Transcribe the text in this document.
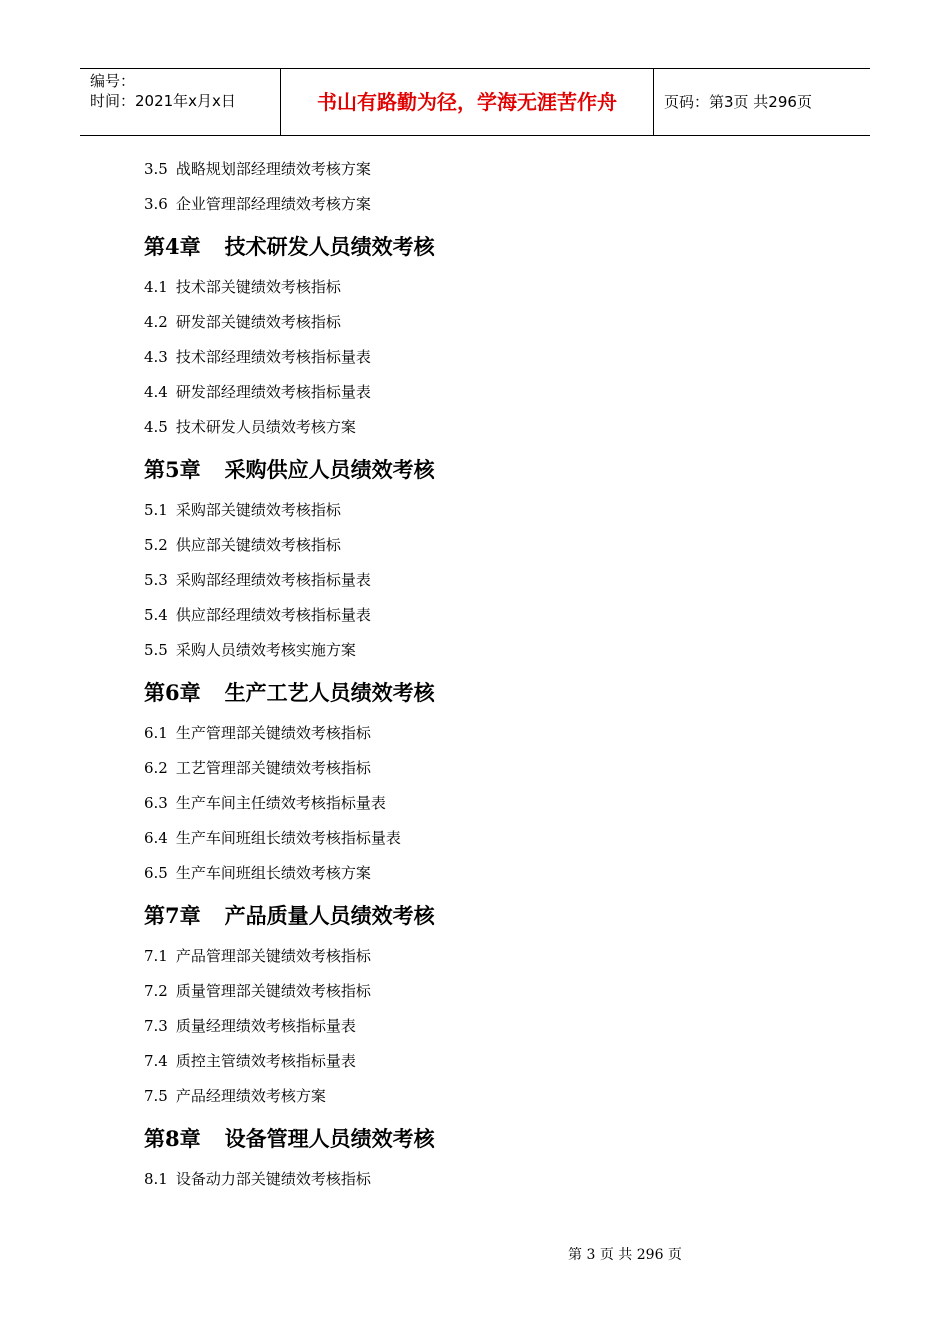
编号：
时间：2021年x月x日	书山有路勤为径，学海无涯苦作舟	页码：第3页 共296页
3.5 战略规划部经理绩效考核方案
3.6 企业管理部经理绩效考核方案
第4章 技术研发人员绩效考核
4.1 技术部关键绩效考核指标
4.2 研发部关键绩效考核指标
4.3 技术部经理绩效考核指标量表
4.4 研发部经理绩效考核指标量表
4.5 技术研发人员绩效考核方案
第5章 采购供应人员绩效考核
5.1 采购部关键绩效考核指标
5.2 供应部关键绩效考核指标
5.3 采购部经理绩效考核指标量表
5.4 供应部经理绩效考核指标量表
5.5 采购人员绩效考核实施方案
第6章 生产工艺人员绩效考核
6.1 生产管理部关键绩效考核指标
6.2 工艺管理部关键绩效考核指标
6.3 生产车间主任绩效考核指标量表
6.4 生产车间班组长绩效考核指标量表
6.5 生产车间班组长绩效考核方案
第7章 产品质量人员绩效考核
7.1 产品管理部关键绩效考核指标
7.2 质量管理部关键绩效考核指标
7.3 质量经理绩效考核指标量表
7.4 质控主管绩效考核指标量表
7.5 产品经理绩效考核方案
第8章 设备管理人员绩效考核
8.1 设备动力部关键绩效考核指标
第 3 页 共 296 页
